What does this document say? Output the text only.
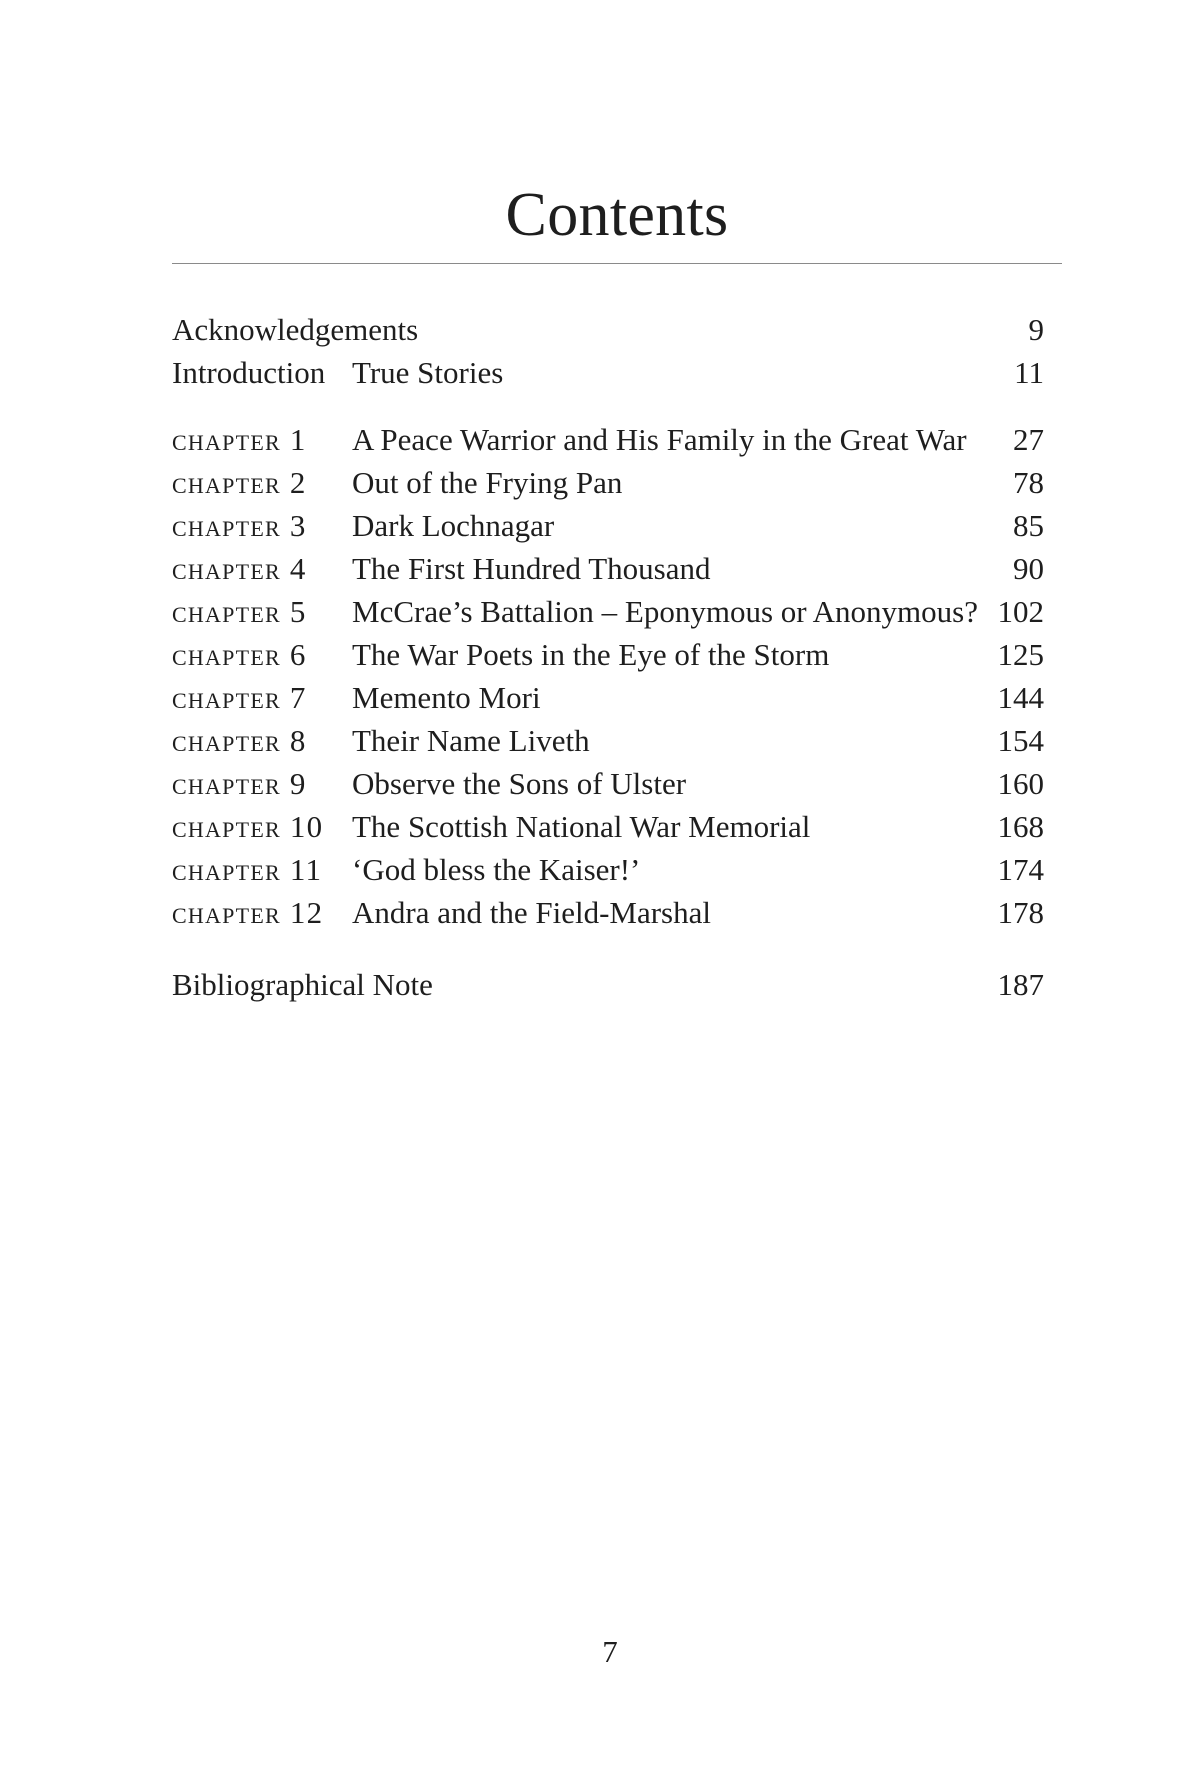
Contents
Acknowledgements	9
Introduction True Stories	11
chapter 1 A Peace Warrior and His Family in the Great War 27
chapter 2 Out of the Frying Pan	78
chapter 3 Dark Lochnagar	85
chapter 4 The First Hundred Thousand	90
chapter 5 McCrae’s Battalion – Eponymous or Anonymous? 102
chapter 6 The War Poets in the Eye of the Storm	125
chapter 7 Memento Mori	144
chapter 8 Their Name Liveth	154
chapter 9 Observe the Sons of Ulster	160
chapter 10 The Scottish National War Memorial	168
chapter 11 ‘God bless the Kaiser!’	174
chapter 12 Andra and the Field-Marshal	178
Bibliographical Note	187
7
